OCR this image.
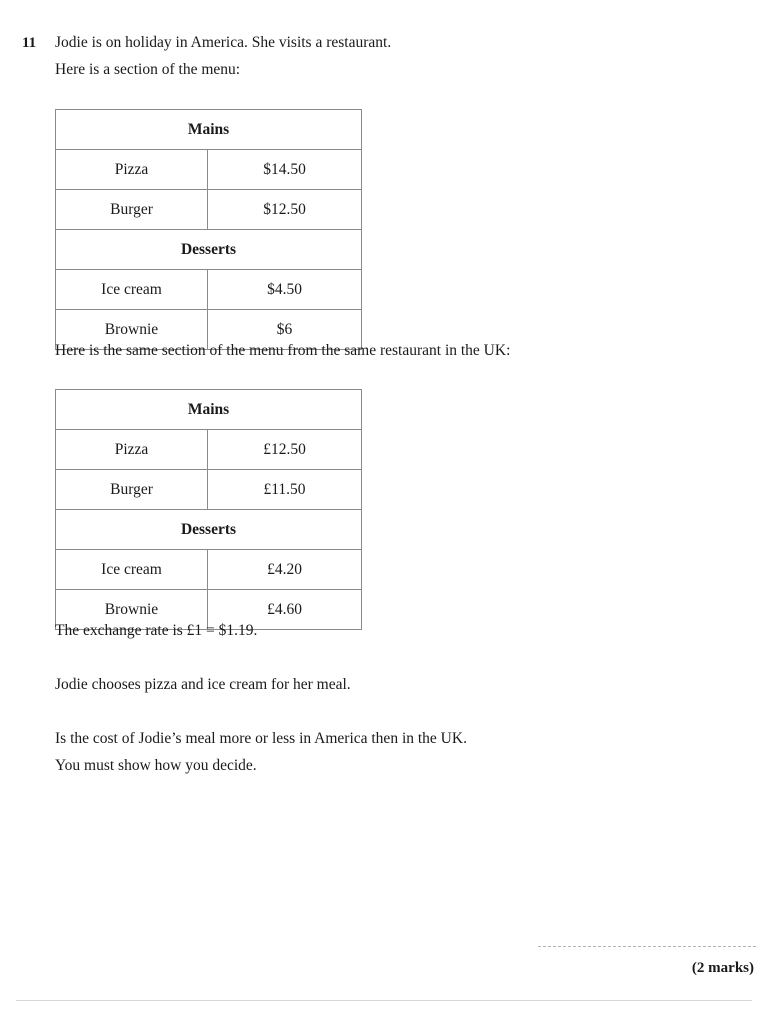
11 Jodie is on holiday in America. She visits a restaurant.
Here is a section of the menu:
Mains	
Pizza	$14.50
Burger	$12.50
Desserts	
Ice cream	$4.50
Brownie	$6
Here is the same section of the menu from the same restaurant in the UK:
Mains	
Pizza	£12.50
Burger	£11.50
Desserts	
Ice cream	£4.20
Brownie	£4.60
The exchange rate is £1 = $1.19.
Jodie chooses pizza and ice cream for her meal.
Is the cost of Jodie’s meal more or less in America then in the UK.
You must show how you decide.
(2 marks)
